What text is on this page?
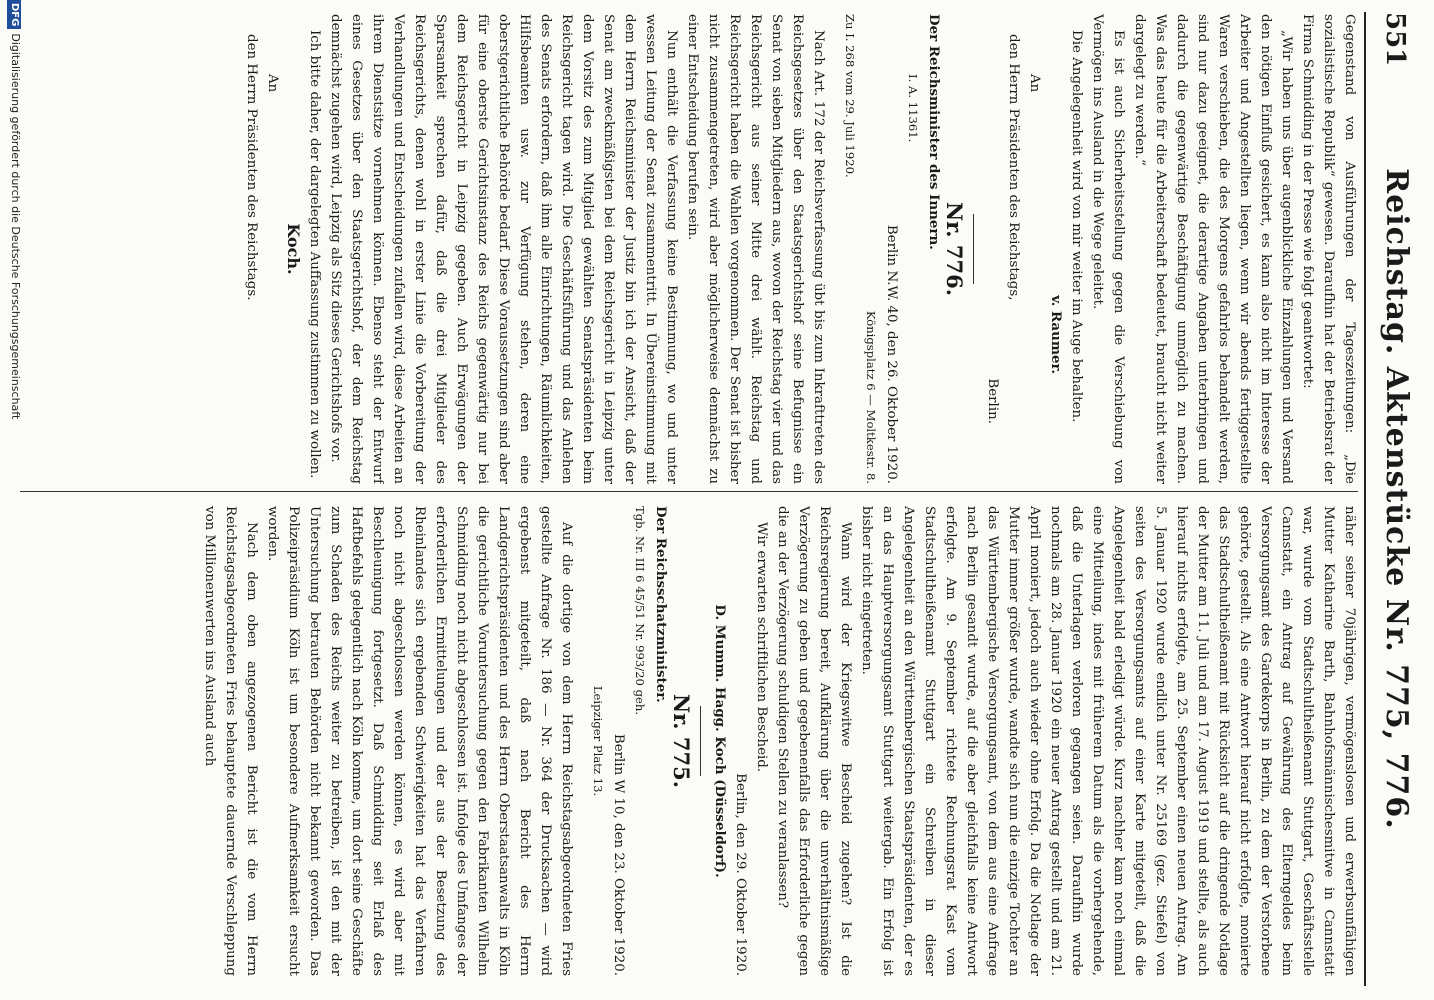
551
Reichstag. Aktenstücke Nr. 775, 776.

Gegenstand von Ausführungen der Tageszeitungen: „Die sozialistische Republik“ gewesen. Daraufhin hat der Betriebsrat der Firma Schmidding in der Presse wie folgt geantwortet:

„Wir haben uns über augenblickliche Einzahlungen und Versand den nötigen Einfluß gesichert, es kann also nicht im Interesse der Arbeiter und Angestellten liegen, wenn wir abends fertiggestellte Waren verschieben, die des Morgens gefahrlos behandelt werden, sind nur dazu geeignet, die derartige Angaben unterbringen und dadurch die gegenwärtige Beschäftigung unmöglich zu machen. Was das heute für die Arbeiterschaft bedeutet, braucht nicht weiter dargelegt zu werden.“

Es ist auch Sicherheitsstellung gegen die Verschiebung von Vermögen ins Ausland in die Wege geleitet.

Die Angelegenheit wird von mir weiter im Auge behalten.

v. Raumer.

An

den Herrn Präsidenten des Reichstags,

Berlin.

Nr. 776.

Der Reichsminister des Innern.

I. A. 11361.

Berlin N.W. 40, den 26. Oktober 1920.

Königsplatz 6 — Moltkestr. 8.

Zu I. 268 vom 29. Juli 1920.

Nach Art. 172 der Reichsverfassung übt bis zum Inkrafttreten des Reichsgesetzes über den Staatsgerichtshof seine Befugnisse ein Senat von sieben Mitgliedern aus, wovon der Reichstag vier und das Reichsgericht aus seiner Mitte drei wählt. Reichstag und Reichsgericht haben die Wahlen vorgenommen. Der Senat ist bisher nicht zusammengetreten, wird aber möglicherweise demnächst zu einer Entscheidung berufen sein.

Nun enthält die Verfassung keine Bestimmung, wo und unter wessen Leitung der Senat zusammentritt. In Übereinstimmung mit dem Herrn Reichsminister der Justiz bin ich der Ansicht, daß der Senat am zweckmäßigsten bei dem Reichsgericht in Leipzig unter dem Vorsitz des zum Mitglied gewählten Senatspräsidenten beim Reichsgericht tagen wird. Die Geschäftsführung und das Anlehen des Senats erfordern, daß ihm alle Einrichtungen, Räumlichkeiten, Hilfsbeamten usw. zur Verfügung stehen, deren eine oberstgerichtliche Behörde bedarf. Diese Voraussetzungen sind aber für eine oberste Gerichtsinstanz des Reichs gegenwärtig nur bei dem Reichsgericht in Leipzig gegeben. Auch Erwägungen der Sparsamkeit sprechen dafür, daß die drei Mitglieder des Reichsgerichts, denen wohl in erster Linie die Vorbereitung der Verhandlungen und Entscheidungen zufallen wird, diese Arbeiten an ihrem Dienstsitze vornehmen können. Ebenso steht der Entwurf eines Gesetzes über den Staatsgerichtshof, der dem Reichstag demnächst zugehen wird, Leipzig als Sitz dieses Gerichtshofs vor.

Ich bitte daher, der dargelegten Auffassung zustimmen zu wollen.

Koch.

An

den Herrn Präsidenten des Reichstags.

näher seiner 70jährigen, vermögenslosen und erwerbsunfähigen Mutter Katharine Barth, Bahnhofsmännischesmitwe in Cannstatt war, wurde vom Stadtschultheißenamt Stuttgart, Geschäftsstelle Cannstatt, ein Antrag auf Gewährung des Elterngeldes beim Versorgungsamt des Gardekorps in Berlin, zu dem der Verstorbene gehörte, gestellt. Als eine Antwort hierauf nicht erfolgte, monierte das Stadtschultheißenamt mit Rücksicht auf die dringende Notlage der Mutter am 11. Juli und am 17. August 1919 und stellte, als auch hierauf nichts erfolgte, am 25. September einen neuen Antrag. Am 5. Januar 1920 wurde endlich unter Nr. 25169 (gez. Stiefel) von seiten des Versorgungsamts auf einer Karte mitgeteilt, daß die Angelegenheit bald erledigt würde. Kurz nachher kam noch einmal eine Mitteilung, indes mit früherem Datum als die vorhergehende, daß die Unterlagen verloren gegangen seien. Daraufhin wurde nochmals am 28. Januar 1920 ein neuer Antrag gestellt und am 21. April moniert, jedoch auch wieder ohne Erfolg. Da die Notlage der Mutter immer größer wurde, wandte sich nun die einzige Tochter an das Württembergische Versorgungsamt, von dem aus eine Anfrage nach Berlin gesandt wurde, auf die aber gleichfalls keine Antwort erfolgte. Am 9. September richtete Rechnungsrat Kast vom Stadtschultheißenamt Stuttgart ein Schreiben in dieser Angelegenheit an den Württembergischen Staatspräsidenten, der es an das Hauptversorgungsamt Stuttgart weitergab. Ein Erfolg ist bisher nicht eingetreten.

Wann wird der Kriegswitwe Bescheid zugehen? Ist die Reichsregierung bereit, Aufklärung über die unverhältnismäßige Verzögerung zu geben und gegebenenfalls das Erforderliche gegen die an der Verzögerung schuldigen Stellen zu veranlassen?

Wir erwarten schriftlichen Bescheid.

Berlin, den 29. Oktober 1920.

D. Mumm. Hagg. Koch (Düsseldorf).

Nr. 775.

Der Reichsschatzminister.

Tgb. Nr. III 6 45/51 Nr. 993/20 geh.

Berlin W 10, den 23. Oktober 1920.

Leipziger Platz 13.

Auf die dortige von dem Herrn Reichstagsabgeordneten Fries gestellte Anfrage Nr. 186 — Nr. 364 der Drucksachen — wird ergebenst mitgeteilt, daß nach Bericht des Herrn Landgerichtspräsidenten und des Herrn Oberstaatsanwalts in Köln die gerichtliche Voruntersuchung gegen den Fabrikanten Wilhelm Schmidding noch nicht abgeschlossen ist. Infolge des Umfanges der erforderlichen Ermittelungen und der aus der Besetzung des Rheinlandes sich ergebenden Schwierigkeiten hat das Verfahren noch nicht abgeschlossen werden können, es wird aber mit Beschleunigung fortgesetzt. Daß Schmidding seit Erlaß des Haftbefehls gelegentlich nach Köln komme, um dort seine Geschäfte zum Schaden des Reichs weiter zu betreiben, ist den mit der Untersuchung betrauten Behörden nicht bekannt geworden. Das Polizeipräsidium Köln ist um besondere Aufmerksamkeit ersucht worden.

Nach dem oben angezogenen Bericht ist die vom Herrn Reichstagsabgeordneten Fries behauptete dauernde Verschleppung von Millionenwerten ins Ausland auch

DFGDigitalisierung gefördert durch die Deutsche Forschungsgemeinschaft
